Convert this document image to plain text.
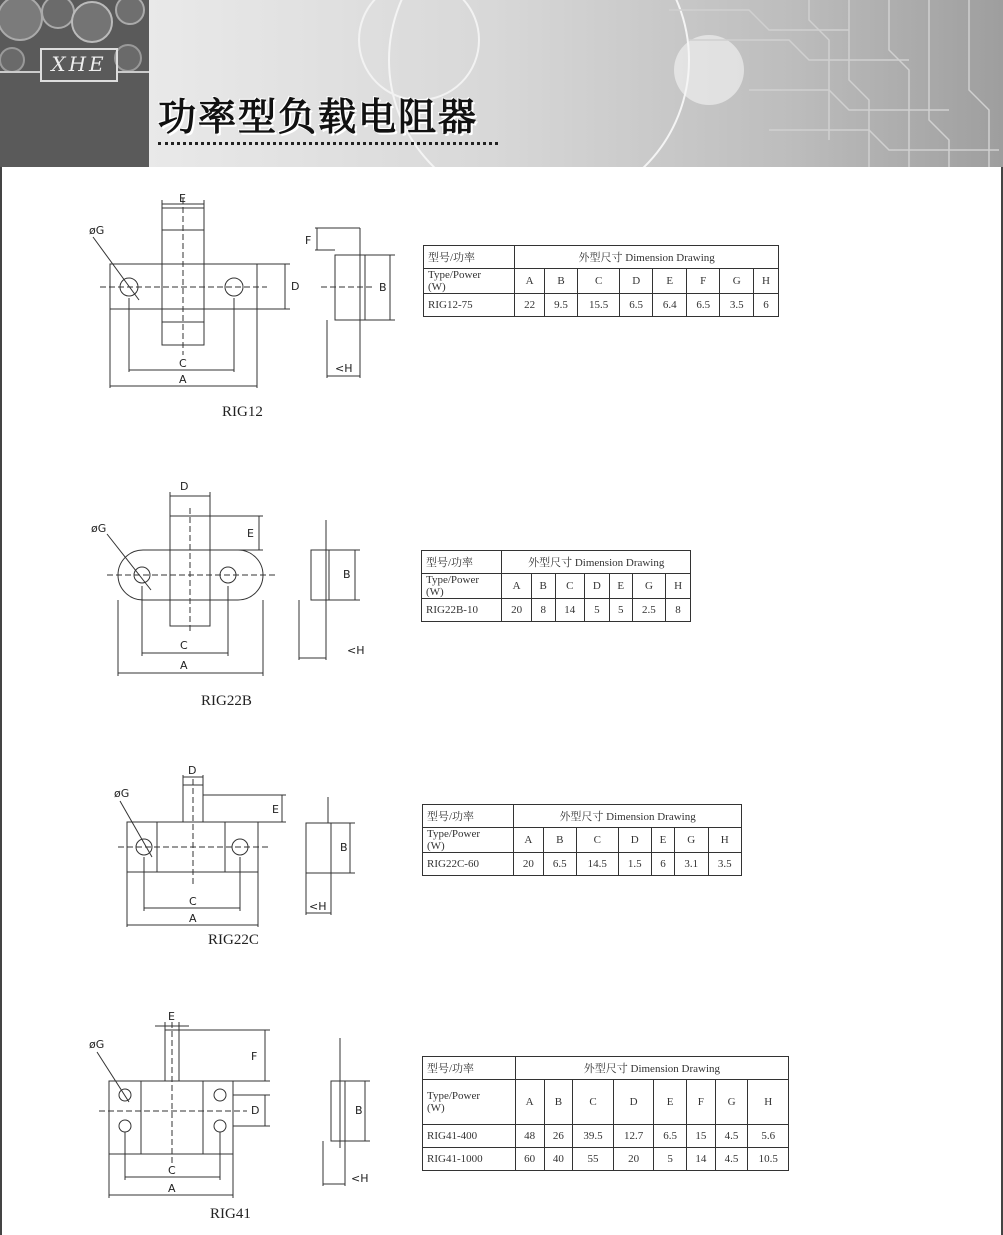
XHE
功率型负载电阻器
E
øG
D
C
A
F
B
<H
RIG12
型号/功率	外型尺寸 Dimension Drawing							
Type/Power
(W)	A	B	C	D	E	F	G	H
RIG12-75	22	9.5	15.5	6.5	6.4	6.5	3.5	6
D
øG	E
C
A
B
<H
RIG22B
型号/功率	外型尺寸 Dimension Drawing						
Type/Power
(W)	A	B	C	D	E	G	H
RIG22B-10	20	8	14	5	5	2.5	8
D
øG
E
C
A
B
<H
RIG22C
型号/功率	外型尺寸 Dimension Drawing						
Type/Power
(W)	A	B	C	D	E	G	H
RIG22C-60	20	6.5	14.5	1.5	6	3.1	3.5
E
øG
F
D
C
A
B
<H
RIG41
型号/功率	外型尺寸 Dimension Drawing							
Type/Power
(W)	A	B	C	D	E	F	G	H
RIG41-400	48	26	39.5	12.7	6.5	15	4.5	5.6
RIG41-1000	60	40	55	20	5	14	4.5	10.5
